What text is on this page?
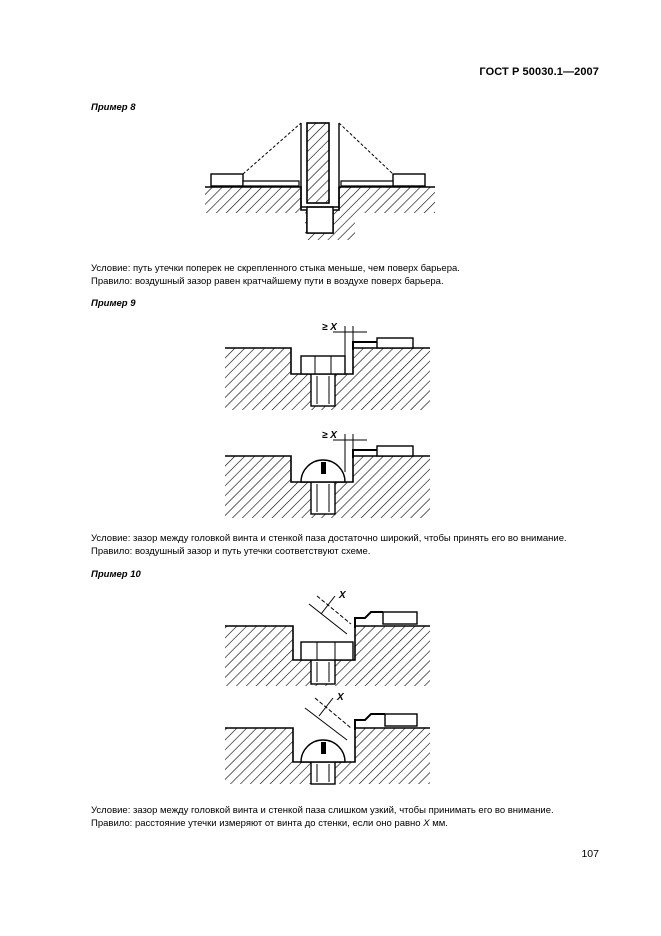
ГОСТ Р 50030.1—2007
Пример 8
Условие: путь утечки поперек не скрепленного стыка меньше, чем поверх барьера.
Правило: воздушный зазор равен кратчайшему пути в воздухе поверх барьера.
Пример 9
≥ X
≥ X
Условие: зазор между головкой винта и стенкой паза достаточно широкий, чтобы принять его во внимание.
Правило: воздушный зазор и путь утечки соответствуют схеме.
Пример 10
X
X
Условие: зазор между головкой винта и стенкой паза слишком узкий, чтобы принимать его во внимание.
Правило: расстояние утечки измеряют от винта до стенки, если оно равно X мм.
107
